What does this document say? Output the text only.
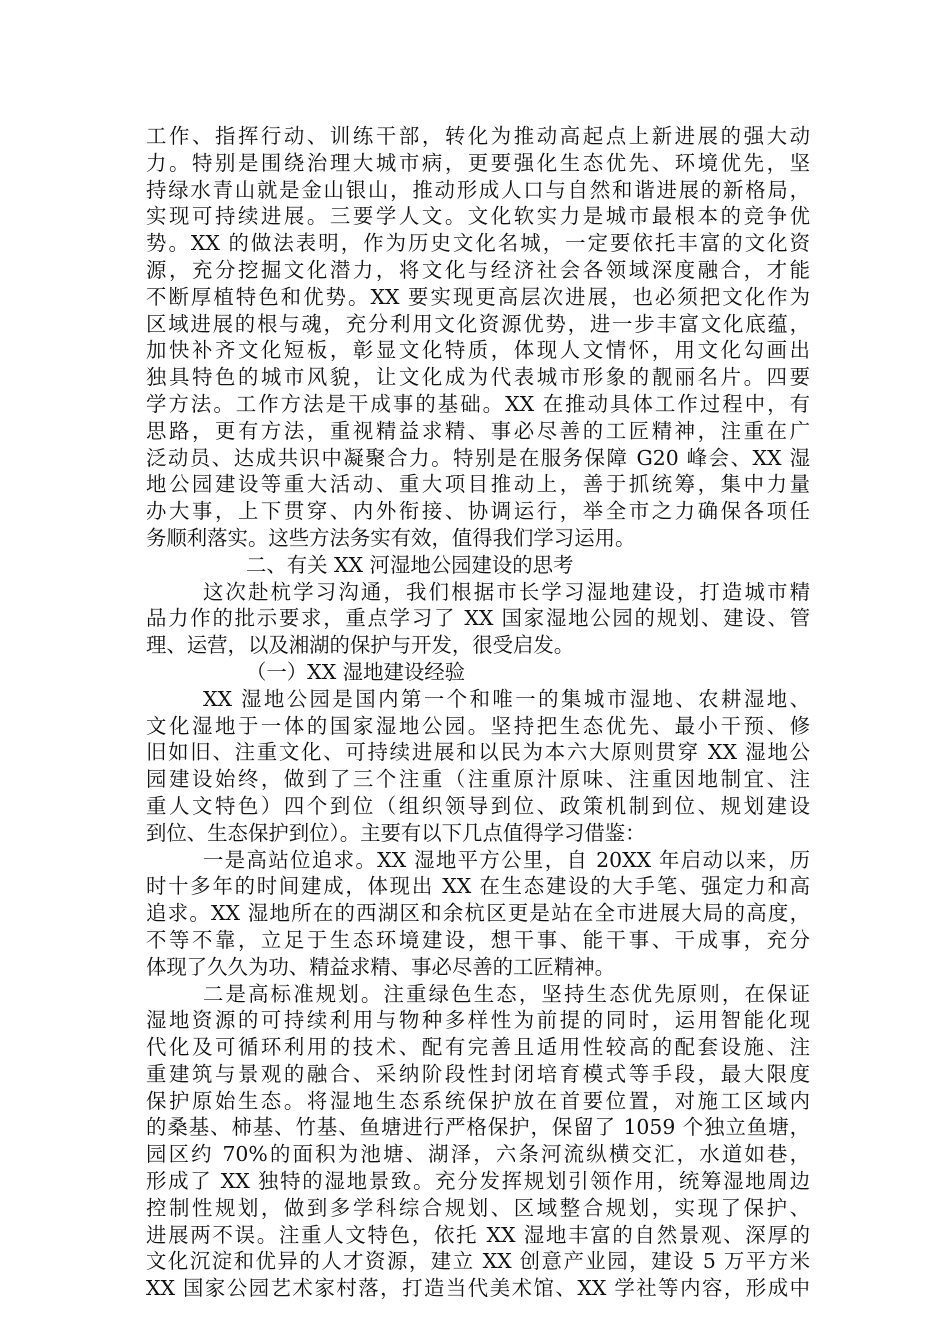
工作、指挥行动、训练干部，转化为推动高起点上新进展的强大动
力。特别是围绕治理大城市病，更要强化生态优先、环境优先，坚
持绿水青山就是金山银山，推动形成人口与自然和谐进展的新格局，
实现可持续进展。三要学人文。文化软实力是城市最根本的竞争优
势。XX 的做法表明，作为历史文化名城，一定要依托丰富的文化资
源，充分挖掘文化潜力，将文化与经济社会各领域深度融合，才能
不断厚植特色和优势。XX 要实现更高层次进展，也必须把文化作为
区域进展的根与魂，充分利用文化资源优势，进一步丰富文化底蕴，
加快补齐文化短板，彰显文化特质，体现人文情怀，用文化勾画出
独具特色的城市风貌，让文化成为代表城市形象的靓丽名片。四要
学方法。工作方法是干成事的基础。XX 在推动具体工作过程中，有
思路，更有方法，重视精益求精、事必尽善的工匠精神，注重在广
泛动员、达成共识中凝聚合力。特别是在服务保障 G20 峰会、XX 湿
地公园建设等重大活动、重大项目推动上，善于抓统筹，集中力量
办大事，上下贯穿、内外衔接、协调运行，举全市之力确保各项任
务顺利落实。这些方法务实有效，值得我们学习运用。
二、有关 XX 河湿地公园建设的思考
这次赴杭学习沟通，我们根据市长学习湿地建设，打造城市精
品力作的批示要求，重点学习了 XX 国家湿地公园的规划、建设、管
理、运营，以及湘湖的保护与开发，很受启发。
（一）XX 湿地建设经验
XX 湿地公园是国内第一个和唯一的集城市湿地、农耕湿地、
文化湿地于一体的国家湿地公园。坚持把生态优先、最小干预、修
旧如旧、注重文化、可持续进展和以民为本六大原则贯穿 XX 湿地公
园建设始终，做到了三个注重（注重原汁原味、注重因地制宜、注
重人文特色）四个到位（组织领导到位、政策机制到位、规划建设
到位、生态保护到位）。主要有以下几点值得学习借鉴：
一是高站位追求。XX 湿地平方公里，自 20XX 年启动以来，历
时十多年的时间建成，体现出 XX 在生态建设的大手笔、强定力和高
追求。XX 湿地所在的西湖区和余杭区更是站在全市进展大局的高度，
不等不靠，立足于生态环境建设，想干事、能干事、干成事，充分
体现了久久为功、精益求精、事必尽善的工匠精神。
二是高标准规划。注重绿色生态，坚持生态优先原则，在保证
湿地资源的可持续利用与物种多样性为前提的同时，运用智能化现
代化及可循环利用的技术、配有完善且适用性较高的配套设施、注
重建筑与景观的融合、采纳阶段性封闭培育模式等手段，最大限度
保护原始生态。将湿地生态系统保护放在首要位置，对施工区域内
的桑基、柿基、竹基、鱼塘进行严格保护，保留了 1059 个独立鱼塘，
园区约 70%的面积为池塘、湖泽，六条河流纵横交汇，水道如巷，
形成了 XX 独特的湿地景致。充分发挥规划引领作用，统筹湿地周边
控制性规划，做到多学科综合规划、区域整合规划，实现了保护、
进展两不误。注重人文特色，依托 XX 湿地丰富的自然景观、深厚的
文化沉淀和优异的人才资源，建立 XX 创意产业园，建设 5 万平方米
XX 国家公园艺术家村落，打造当代美术馆、XX 学社等内容，形成中
